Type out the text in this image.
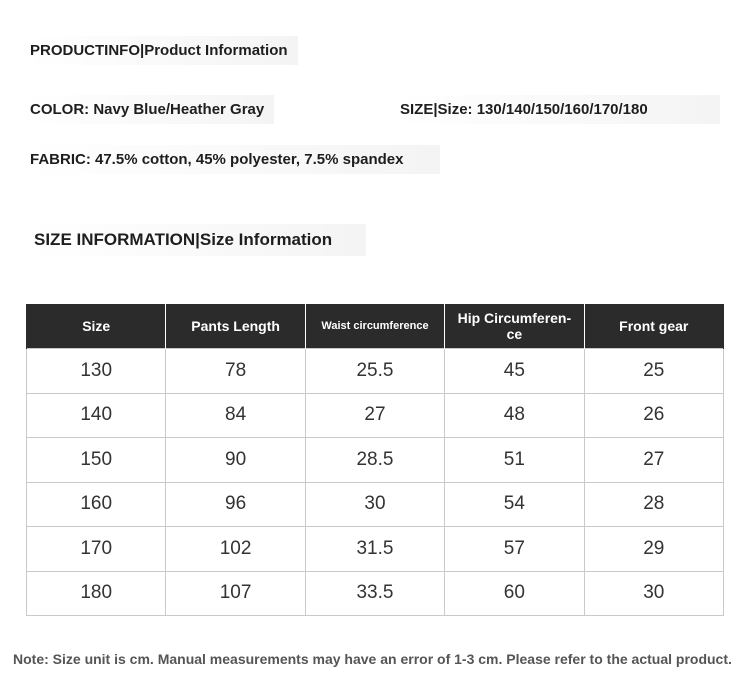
PRODUCTINFO|Product Information
COLOR: Navy Blue/Heather Gray	SIZE|Size: 130/140/150/160/170/180
FABRIC: 47.5% cotton, 45% polyester, 7.5% spandex
SIZE INFORMATION|Size Information
Size	Pants Length	Waist circumference	Hip Circumferen-ce	Front gear
130	78	25.5	45	25
140	84	27	48	26
150	90	28.5	51	27
160	96	30	54	28
170	102	31.5	57	29
180	107	33.5	60	30
Note: Size unit is cm. Manual measurements may have an error of 1-3 cm. Please refer to the actual product.
